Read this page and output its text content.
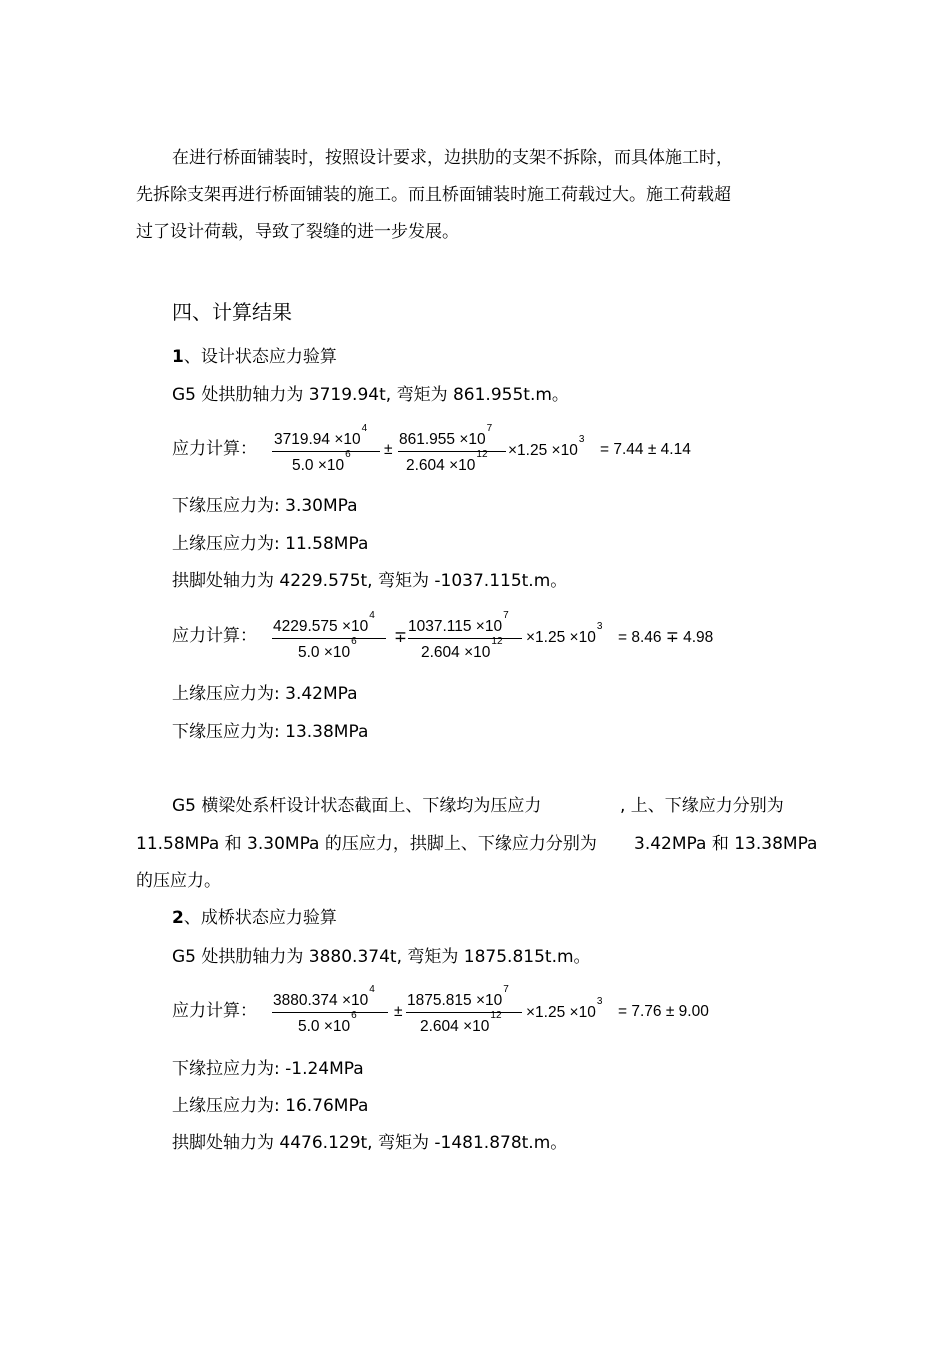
在进行桥面铺装时，按照设计要求，边拱肋的支架不拆除，而具体施工时，
先拆除支架再进行桥面铺装的施工。而且桥面铺装时施工荷载过大。施工荷载超
过了设计荷载，导致了裂缝的进一步发展。
四、计算结果
1、设计状态应力验算
G5 处拱肋轴力为 3719.94t, 弯矩为 861.955t.m。
应力计算： $3719.94 \times 10^4$
$5.0 \times 10^6$ ±
$861.955 \times 10^7$
$2.604 \times 10^{12} \times 1.25 \times 10^3$
= 7.44 ± 4.14
下缘压应力为: 3.30MPa
上缘压应力为: 11.58MPa
拱脚处轴力为 4229.575t, 弯矩为 -1037.115t.m。
应力计算： $4229.575 \times 10^4$
$5.0 \times 10^6$ ∓
$1037.115 \times 10^7$
$2.604 \times 10^{12} \times 1.25 \times 10^3$
= 8.46 ∓ 4.98
上缘压应力为: 3.42MPa
下缘压应力为: 13.38MPa
G5 横梁处系杆设计状态截面上、下缘均为压应力	, 上、下缘应力分别为
11.58MPa 和 3.30MPa 的压应力，拱脚上、下缘应力分别为 3.42MPa 和 13.38MPa
的压应力。
2、成桥状态应力验算
G5 处拱肋轴力为 3880.374t, 弯矩为 1875.815t.m。
应力计算：
$3880.374 \times 10^4$
$5.0 \times 10^6$ ±
$1875.815 \times 10^7$
$2.604 \times 10^{12} \times 1.25 \times 10^3$
= 7.76 ± 9.00
下缘拉应力为: -1.24MPa
上缘压应力为: 16.76MPa
拱脚处轴力为 4476.129t, 弯矩为 -1481.878t.m。
